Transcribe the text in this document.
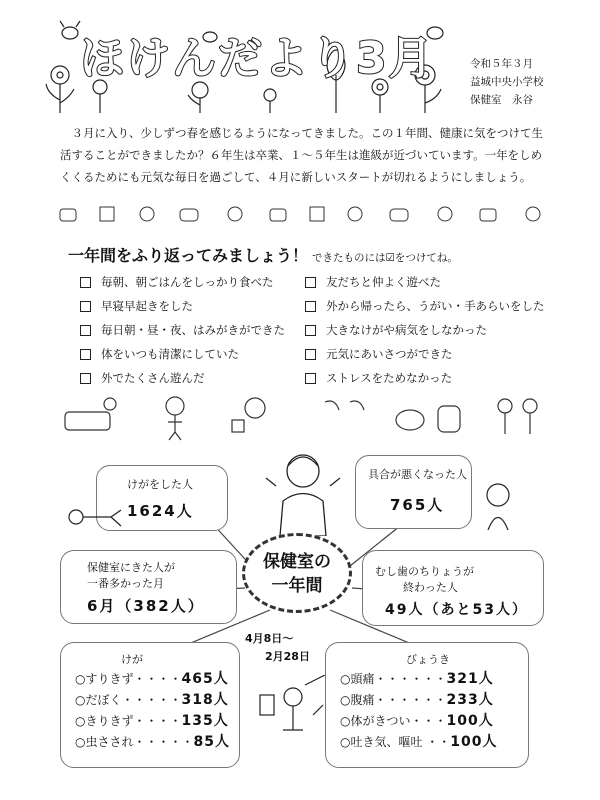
ほけんだより3月	令和５年３月
益城中央小学校
保健室　永谷
３月に入り、少しずつ春を感じるようになってきました。この１年間、健康に気をつけて生活することができましたか？６年生は卒業、１～５年生は進級が近づいています。一年をしめくくるためにも元気な毎日を過ごして、４月に新しいスタートが切れるようにしましょう。
一年間をふり返ってみましょう！ できたものには☑をつけてね。
毎朝、朝ごはんをしっかり食べた
早寝早起きをした
毎日朝・昼・夜、はみがきができた
体をいつも清潔にしていた
外でたくさん遊んだ
友だちと仲よく遊べた
外から帰ったら、うがい・手あらいをした
大きなけがや病気をしなかった
元気にあいさつができた
ストレスをためなかった
けがをした人
1624人
具合が悪くなった人
765人
保健室にきた人が
一番多かった月
6月（382人）
保健室の
一年間
むし歯のちりょうが
終わった人
49人（あと53人）
4月8日～
2月28日
けが
○すりきず・・・・465人
○だぼく・・・・・318人
○きりきず・・・・135人
○虫さされ・・・・・85人
びょうき
○頭痛・・・・・・321人
○腹痛・・・・・・233人
○体がきつい・・・100人
○吐き気、嘔吐 ・・100人
